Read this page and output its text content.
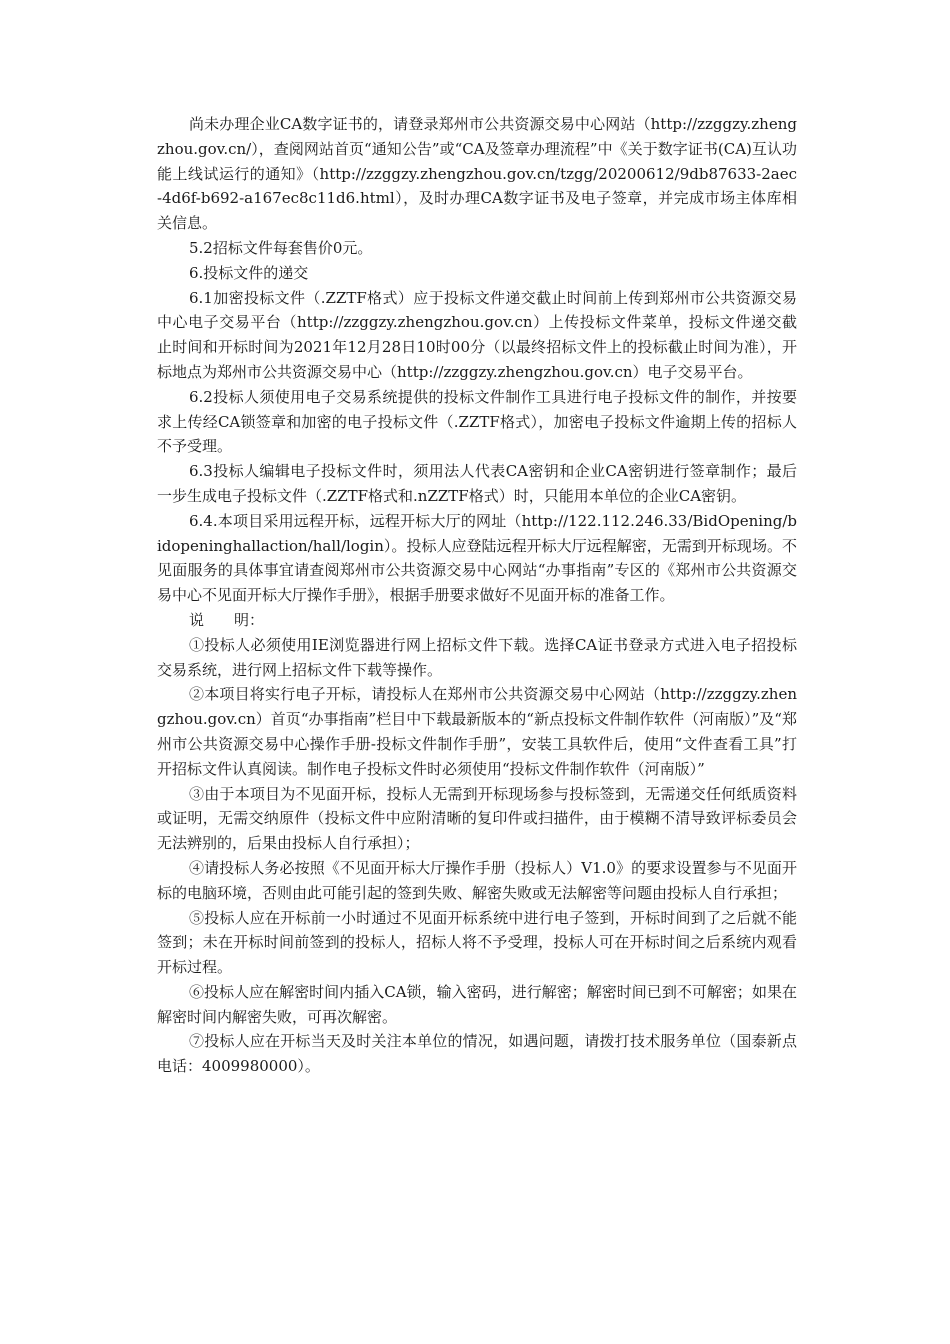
尚未办理企业CA数字证书的，请登录郑州市公共资源交易中心网站（http://zzggzy.zhengzhou.gov.cn/），查阅网站首页“通知公告”或“CA及签章办理流程”中《关于数字证书(CA)互认功能上线试运行的通知》（http://zzggzy.zhengzhou.gov.cn/tzgg/20200612/9db87633-2aec-4d6f-b692-a167ec8c11d6.html），及时办理CA数字证书及电子签章，并完成市场主体库相关信息。

5.2招标文件每套售价0元。

6.投标文件的递交

6.1加密投标文件（.ZZTF格式）应于投标文件递交截止时间前上传到郑州市公共资源交易中心电子交易平台（http://zzggzy.zhengzhou.gov.cn）上传投标文件菜单，投标文件递交截止时间和开标时间为2021年12月28日10时00分（以最终招标文件上的投标截止时间为准），开标地点为郑州市公共资源交易中心（http://zzggzy.zhengzhou.gov.cn）电子交易平台。

6.2投标人须使用电子交易系统提供的投标文件制作工具进行电子投标文件的制作，并按要求上传经CA锁签章和加密的电子投标文件（.ZZTF格式），加密电子投标文件逾期上传的招标人不予受理。

6.3投标人编辑电子投标文件时，须用法人代表CA密钥和企业CA密钥进行签章制作；最后一步生成电子投标文件（.ZZTF格式和.nZZTF格式）时，只能用本单位的企业CA密钥。

6.4.本项目采用远程开标，远程开标大厅的网址（http://122.112.246.33/BidOpening/bidopeninghallaction/hall/login）。投标人应登陆远程开标大厅远程解密，无需到开标现场。不见面服务的具体事宜请查阅郑州市公共资源交易中心网站“办事指南”专区的《郑州市公共资源交易中心不见面开标大厅操作手册》，根据手册要求做好不见面开标的准备工作。

说 明：

①投标人必须使用IE浏览器进行网上招标文件下载。选择CA证书登录方式进入电子招投标交易系统，进行网上招标文件下载等操作。

②本项目将实行电子开标，请投标人在郑州市公共资源交易中心网站（http://zzggzy.zhengzhou.gov.cn）首页“办事指南”栏目中下载最新版本的“新点投标文件制作软件（河南版）”及“郑州市公共资源交易中心操作手册-投标文件制作手册”，安装工具软件后，使用“文件查看工具”打开招标文件认真阅读。制作电子投标文件时必须使用“投标文件制作软件（河南版）”

③由于本项目为不见面开标，投标人无需到开标现场参与投标签到，无需递交任何纸质资料或证明，无需交纳原件（投标文件中应附清晰的复印件或扫描件，由于模糊不清导致评标委员会无法辨别的，后果由投标人自行承担）；

④请投标人务必按照《不见面开标大厅操作手册（投标人）V1.0》的要求设置参与不见面开标的电脑环境，否则由此可能引起的签到失败、解密失败或无法解密等问题由投标人自行承担；

⑤投标人应在开标前一小时通过不见面开标系统中进行电子签到，开标时间到了之后就不能签到；未在开标时间前签到的投标人，招标人将不予受理，投标人可在开标时间之后系统内观看开标过程。

⑥投标人应在解密时间内插入CA锁，输入密码，进行解密；解密时间已到不可解密；如果在解密时间内解密失败，可再次解密。

⑦投标人应在开标当天及时关注本单位的情况，如遇问题，请拨打技术服务单位（国泰新点电话：4009980000）。
